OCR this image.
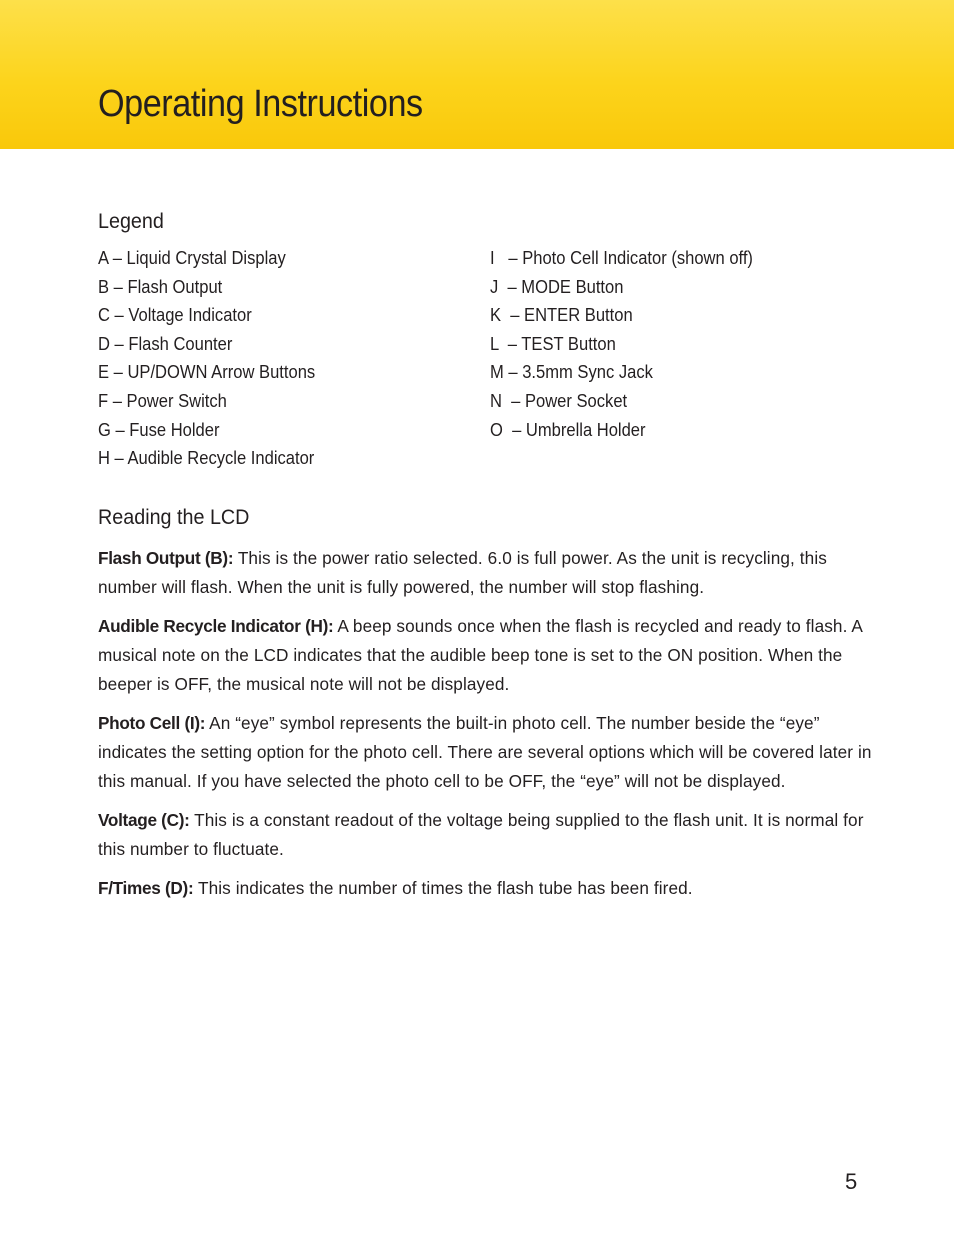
Operating Instructions
Legend
A – Liquid Crystal Display
B – Flash Output
C – Voltage Indicator
D – Flash Counter
E – UP/DOWN Arrow Buttons
F – Power Switch
G – Fuse Holder
H – Audible Recycle Indicator
I   – Photo Cell Indicator (shown off)
J  – MODE Button
K  – ENTER Button
L  – TEST Button
M – 3.5mm Sync Jack
N  – Power Socket
O  – Umbrella Holder
Reading the LCD

Flash Output (B): This is the power ratio selected. 6.0 is full power. As the unit is recycling, this number will flash. When the unit is fully powered, the number will stop flashing.

Audible Recycle Indicator (H): A beep sounds once when the flash is recycled and ready to flash. A musical note on the LCD indicates that the audible beep tone is set to the ON position. When the beeper is OFF, the musical note will not be displayed.

Photo Cell (I): An “eye” symbol represents the built-in photo cell. The number beside the “eye” indicates the setting option for the photo cell. There are several options which will be covered later in this manual. If you have selected the photo cell to be OFF, the “eye” will not be displayed.

Voltage (C): This is a constant readout of the voltage being supplied to the flash unit. It is normal for this number to fluctuate.

F/Times (D): This indicates the number of times the flash tube has been fired.

5
